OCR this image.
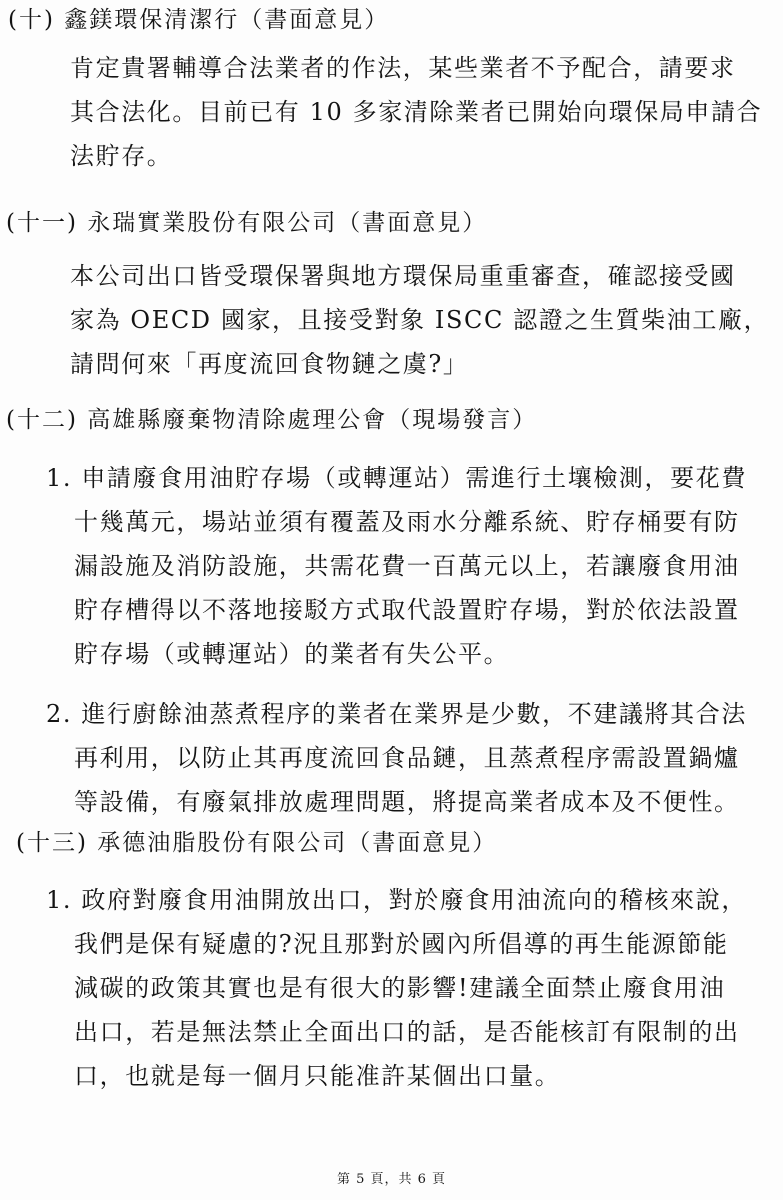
(十) 鑫鎂環保清潔行（書面意見）
肯定貴署輔導合法業者的作法，某些業者不予配合，請要求
其合法化。目前已有 10 多家清除業者已開始向環保局申請合
法貯存。
(十一) 永瑞實業股份有限公司（書面意見）
本公司出口皆受環保署與地方環保局重重審查，確認接受國
家為 OECD 國家，且接受對象 ISCC 認證之生質柴油工廠，
請問何來「再度流回食物鏈之虞?」
(十二) 高雄縣廢棄物清除處理公會（現場發言）
1. 申請廢食用油貯存場（或轉運站）需進行土壤檢測，要花費
十幾萬元，場站並須有覆蓋及雨水分離系統、貯存桶要有防
漏設施及消防設施，共需花費一百萬元以上，若讓廢食用油
貯存槽得以不落地接駁方式取代設置貯存場，對於依法設置
貯存場（或轉運站）的業者有失公平。
2. 進行廚餘油蒸煮程序的業者在業界是少數，不建議將其合法
再利用，以防止其再度流回食品鏈，且蒸煮程序需設置鍋爐
等設備，有廢氣排放處理問題，將提高業者成本及不便性。
(十三) 承德油脂股份有限公司（書面意見）
1. 政府對廢食用油開放出口，對於廢食用油流向的稽核來說，
我們是保有疑慮的?況且那對於國內所倡導的再生能源節能
減碳的政策其實也是有很大的影響!建議全面禁止廢食用油
出口，若是無法禁止全面出口的話，是否能核訂有限制的出
口，也就是每一個月只能准許某個出口量。
第 5 頁，共 6 頁
